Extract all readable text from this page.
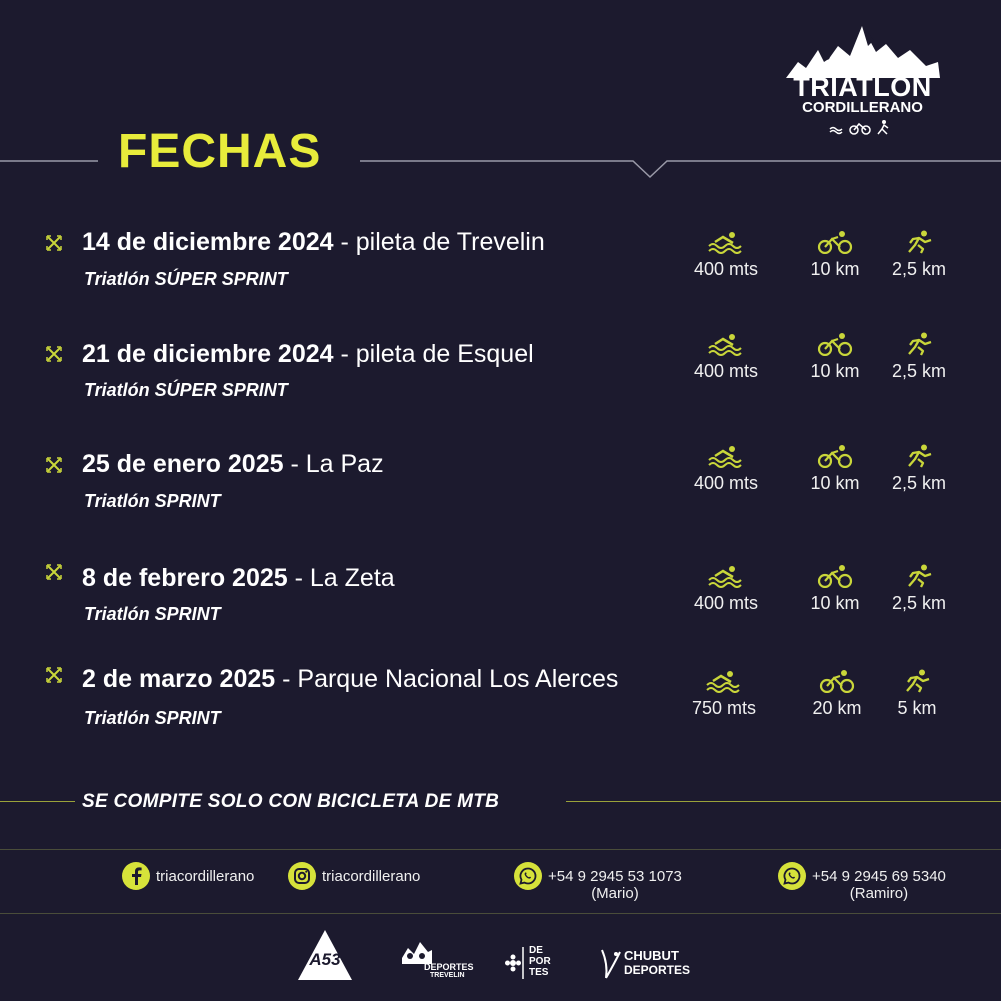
TRIATLÓN
CORDILLERANO
FECHAS
14 de diciembre 2024 - pileta de Trevelin
Triatlón SÚPER SPRINT	400 mts	10 km	2,5 km
21 de diciembre 2024 - pileta de Esquel
Triatlón SÚPER SPRINT
400 mts	10 km	2,5 km
25 de enero 2025 - La Paz
Triatlón SPRINT
400 mts	10 km	2,5 km
8 de febrero 2025 - La Zeta
Triatlón SPRINT
400 mts	10 km	2,5 km
2 de marzo 2025 - Parque Nacional Los Alerces
Triatlón SPRINT	750 mts	20 km	5 km
SE COMPITE SOLO CON BICICLETA DE MTB
triacordillerano	triacordillerano	+54 9 2945 53 1073
(Mario)
+54 9 2945 69 5340
(Ramiro)
A53
EVENTOS
DEPORTES
TREVELIN
DE
POR
TES
CHUBUT
DEPORTES
